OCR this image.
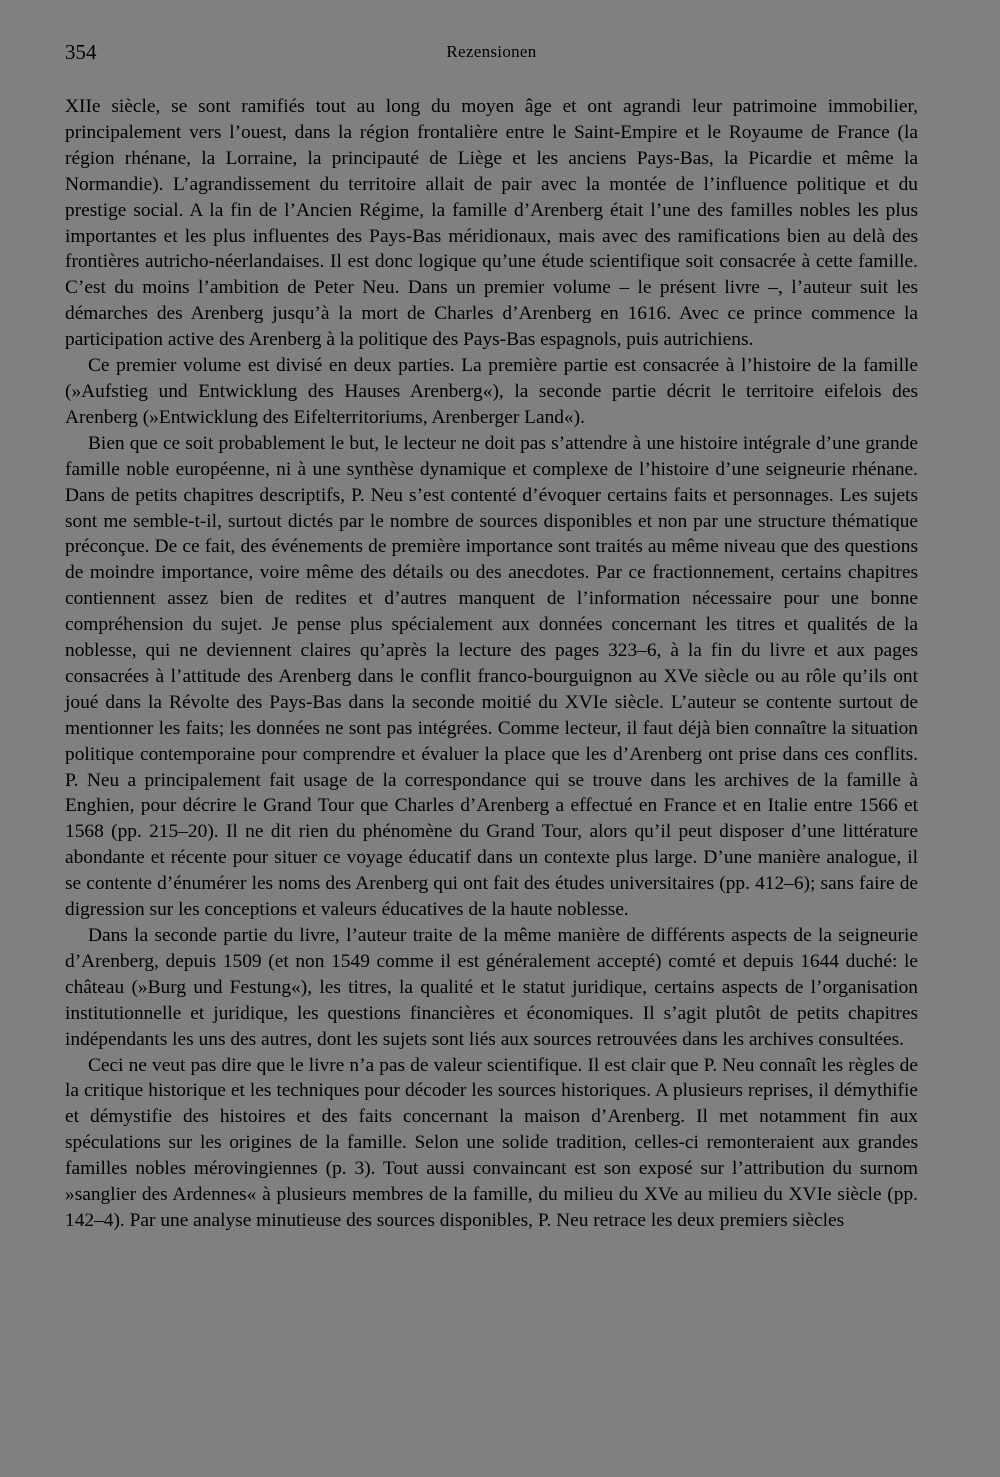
354	Rezensionen

XIIe siècle, se sont ramifiés tout au long du moyen âge et ont agrandi leur patrimoine immobilier, principalement vers l’ouest, dans la région frontalière entre le Saint-Empire et le Royaume de France (la région rhénane, la Lorraine, la principauté de Liège et les anciens Pays-Bas, la Picardie et même la Normandie). L’agrandissement du territoire allait de pair avec la montée de l’influence politique et du prestige social. A la fin de l’Ancien Régime, la famille d’Arenberg était l’une des familles nobles les plus importantes et les plus influentes des Pays-Bas méridionaux, mais avec des ramifications bien au delà des frontières autricho-néerlandaises. Il est donc logique qu’une étude scientifique soit consacrée à cette famille. C’est du moins l’ambition de Peter Neu. Dans un premier volume – le présent livre –, l’auteur suit les démarches des Arenberg jusqu’à la mort de Charles d’Arenberg en 1616. Avec ce prince commence la participation active des Arenberg à la politique des Pays-Bas espagnols, puis autrichiens.

Ce premier volume est divisé en deux parties. La première partie est consacrée à l’histoire de la famille (»Aufstieg und Entwicklung des Hauses Arenberg«), la seconde partie décrit le territoire eifelois des Arenberg (»Entwicklung des Eifelterritoriums, Arenberger Land«).

Bien que ce soit probablement le but, le lecteur ne doit pas s’attendre à une histoire intégrale d’une grande famille noble européenne, ni à une synthèse dynamique et complexe de l’histoire d’une seigneurie rhénane. Dans de petits chapitres descriptifs, P. Neu s’est contenté d’évoquer certains faits et personnages. Les sujets sont me semble-t-il, surtout dictés par le nombre de sources disponibles et non par une structure thématique préconçue. De ce fait, des événements de première importance sont traités au même niveau que des questions de moindre importance, voire même des détails ou des anecdotes. Par ce fractionnement, certains chapitres contiennent assez bien de redites et d’autres manquent de l’information nécessaire pour une bonne compréhension du sujet. Je pense plus spécialement aux données concernant les titres et qualités de la noblesse, qui ne deviennent claires qu’après la lecture des pages 323–6, à la fin du livre et aux pages consacrées à l’attitude des Arenberg dans le conflit franco-bourguignon au XVe siècle ou au rôle qu’ils ont joué dans la Révolte des Pays-Bas dans la seconde moitié du XVIe siècle. L’auteur se contente surtout de mentionner les faits; les données ne sont pas intégrées. Comme lecteur, il faut déjà bien connaître la situation politique contemporaine pour comprendre et évaluer la place que les d’Arenberg ont prise dans ces conflits. P. Neu a principalement fait usage de la correspondance qui se trouve dans les archives de la famille à Enghien, pour décrire le Grand Tour que Charles d’Arenberg a effectué en France et en Italie entre 1566 et 1568 (pp. 215–20). Il ne dit rien du phénomène du Grand Tour, alors qu’il peut disposer d’une littérature abondante et récente pour situer ce voyage éducatif dans un contexte plus large. D’une manière analogue, il se contente d’énumérer les noms des Arenberg qui ont fait des études universitaires (pp. 412–6); sans faire de digression sur les conceptions et valeurs éducatives de la haute noblesse.

Dans la seconde partie du livre, l’auteur traite de la même manière de différents aspects de la seigneurie d’Arenberg, depuis 1509 (et non 1549 comme il est généralement accepté) comté et depuis 1644 duché: le château (»Burg und Festung«), les titres, la qualité et le statut juridique, certains aspects de l’organisation institutionnelle et juridique, les questions financières et économiques. Il s’agit plutôt de petits chapitres indépendants les uns des autres, dont les sujets sont liés aux sources retrouvées dans les archives consultées.

Ceci ne veut pas dire que le livre n’a pas de valeur scientifique. Il est clair que P. Neu connaît les règles de la critique historique et les techniques pour décoder les sources historiques. A plusieurs reprises, il démythifie et démystifie des histoires et des faits concernant la maison d’Arenberg. Il met notamment fin aux spéculations sur les origines de la famille. Selon une solide tradition, celles-ci remonteraient aux grandes familles nobles mérovingiennes (p. 3). Tout aussi convaincant est son exposé sur l’attribution du surnom »sanglier des Ardennes« à plusieurs membres de la famille, du milieu du XVe au milieu du XVIe siècle (pp. 142–4). Par une analyse minutieuse des sources disponibles, P. Neu retrace les deux premiers siècles
